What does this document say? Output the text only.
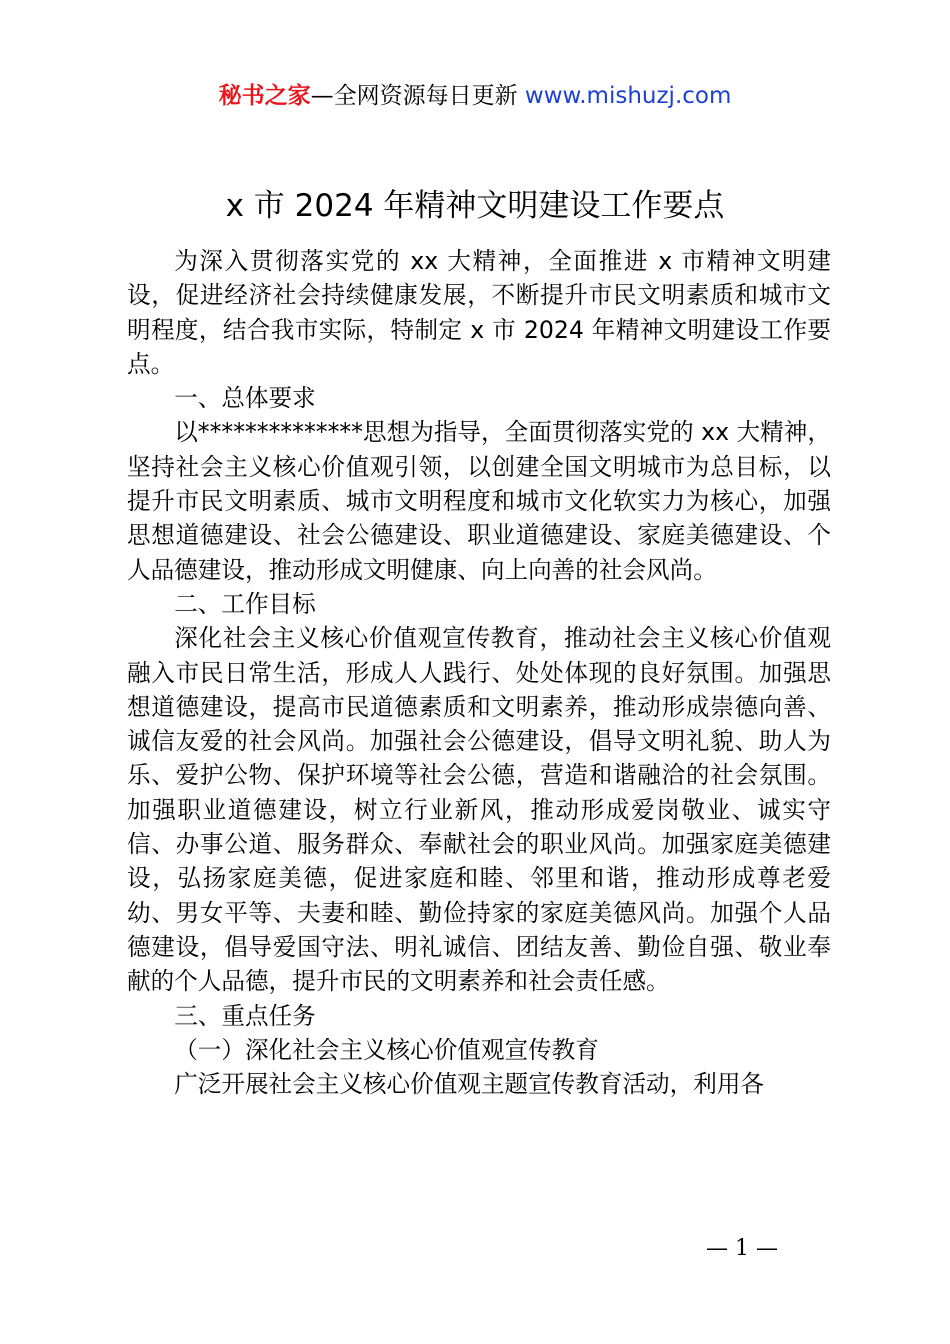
秘书之家—全网资源每日更新 www.mishuzj.com
x 市 2024 年精神文明建设工作要点

为深入贯彻落实党的 xx 大精神，全面推进 x 市精神文明建设，促进经济社会持续健康发展，不断提升市民文明素质和城市文明程度，结合我市实际，特制定 x 市 2024 年精神文明建设工作要点。

一、总体要求

以**************思想为指导，全面贯彻落实党的 xx 大精神，坚持社会主义核心价值观引领，以创建全国文明城市为总目标，以提升市民文明素质、城市文明程度和城市文化软实力为核心，加强思想道德建设、社会公德建设、职业道德建设、家庭美德建设、个人品德建设，推动形成文明健康、向上向善的社会风尚。

二、工作目标

深化社会主义核心价值观宣传教育，推动社会主义核心价值观融入市民日常生活，形成人人践行、处处体现的良好氛围。加强思想道德建设，提高市民道德素质和文明素养，推动形成崇德向善、诚信友爱的社会风尚。加强社会公德建设，倡导文明礼貌、助人为乐、爱护公物、保护环境等社会公德，营造和谐融洽的社会氛围。加强职业道德建设，树立行业新风，推动形成爱岗敬业、诚实守信、办事公道、服务群众、奉献社会的职业风尚。加强家庭美德建设，弘扬家庭美德，促进家庭和睦、邻里和谐，推动形成尊老爱幼、男女平等、夫妻和睦、勤俭持家的家庭美德风尚。加强个人品德建设，倡导爱国守法、明礼诚信、团结友善、勤俭自强、敬业奉献的个人品德，提升市民的文明素养和社会责任感。

三、重点任务

（一）深化社会主义核心价值观宣传教育

广泛开展社会主义核心价值观主题宣传教育活动，利用各

— 1 —
